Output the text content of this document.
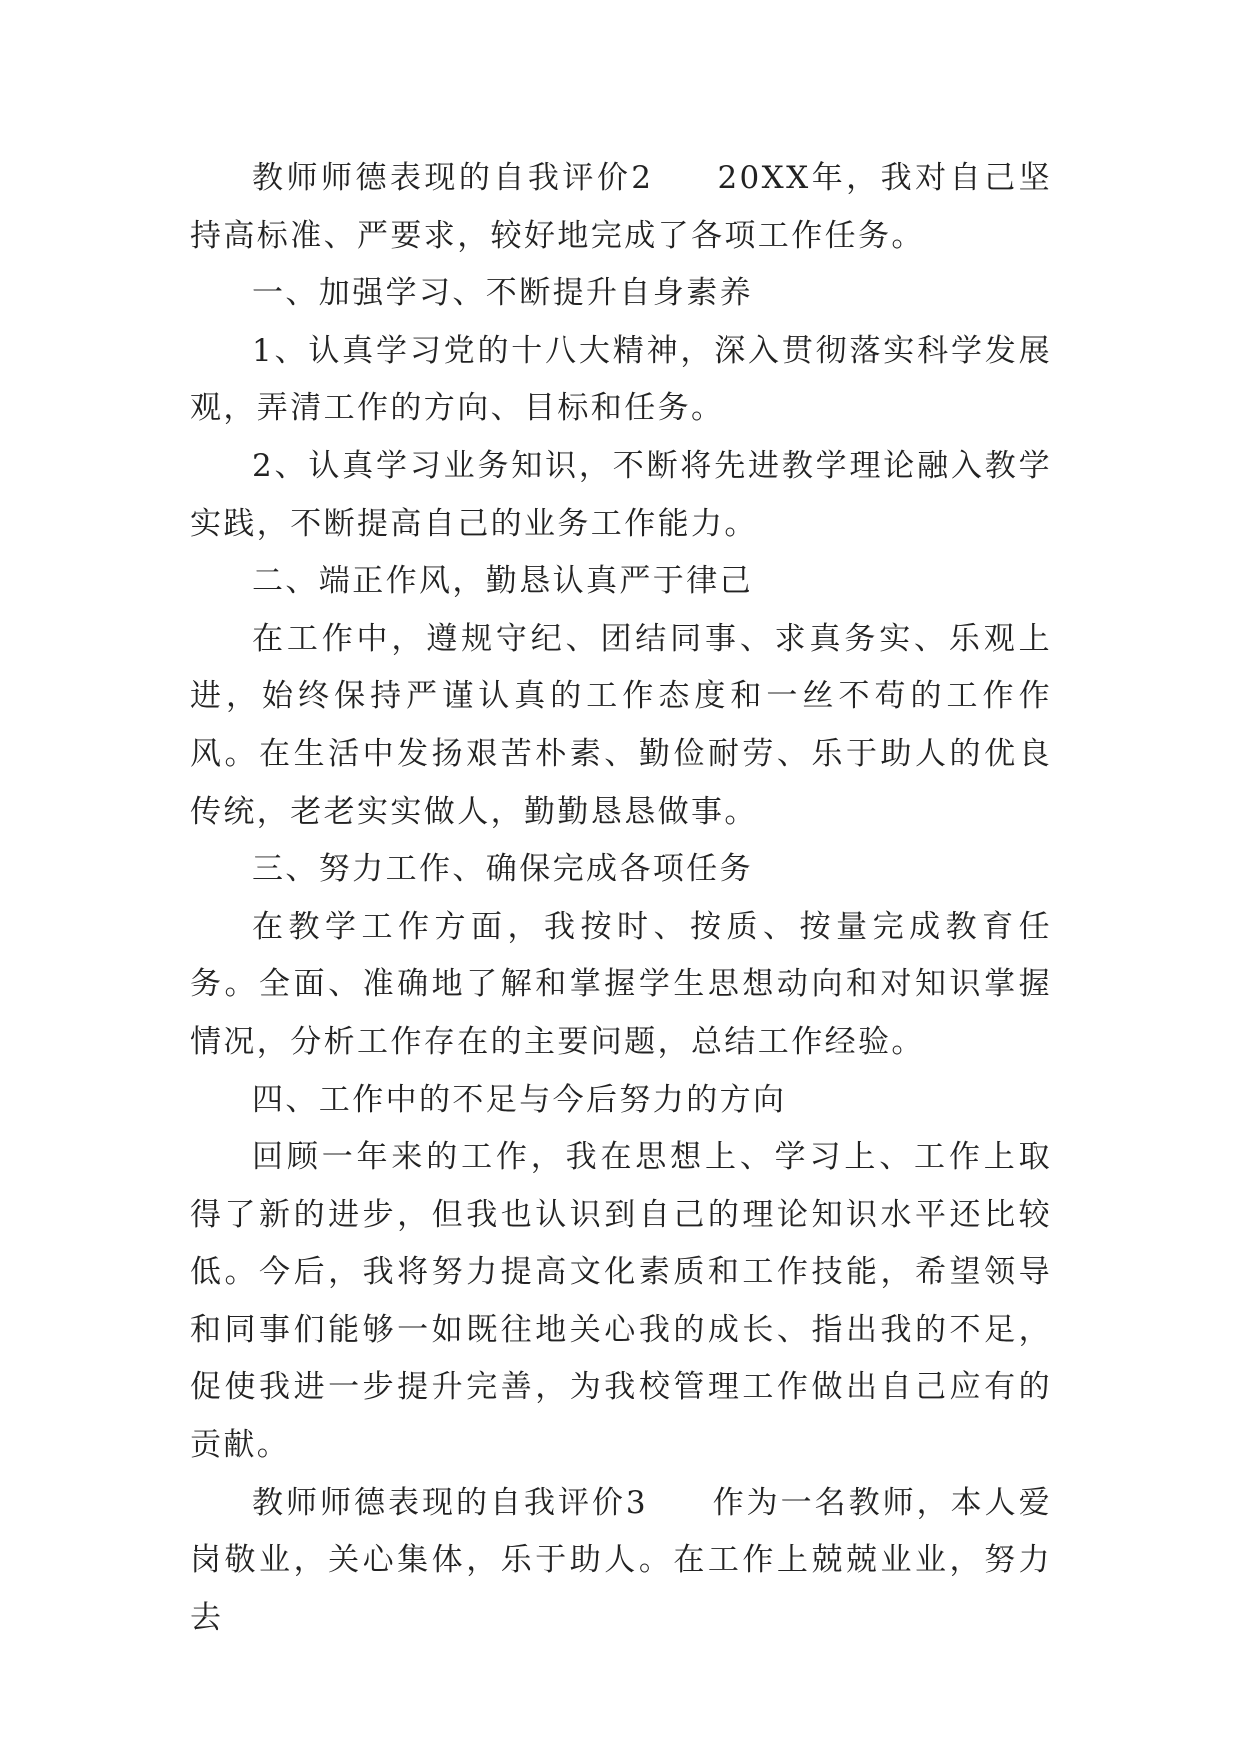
教师师德表现的自我评价2 20XX年，我对自己坚持高标准、严要求，较好地完成了各项工作任务。

一、加强学习、不断提升自身素养

1、认真学习党的十八大精神，深入贯彻落实科学发展观，弄清工作的方向、目标和任务。

2、认真学习业务知识，不断将先进教学理论融入教学实践，不断提高自己的业务工作能力。

二、端正作风，勤恳认真严于律己

在工作中，遵规守纪、团结同事、求真务实、乐观上进，始终保持严谨认真的工作态度和一丝不苟的工作作风。在生活中发扬艰苦朴素、勤俭耐劳、乐于助人的优良传统，老老实实做人，勤勤恳恳做事。

三、努力工作、确保完成各项任务

在教学工作方面，我按时、按质、按量完成教育任务。全面、准确地了解和掌握学生思想动向和对知识掌握情况，分析工作存在的主要问题，总结工作经验。

四、工作中的不足与今后努力的方向

回顾一年来的工作，我在思想上、学习上、工作上取得了新的进步，但我也认识到自己的理论知识水平还比较低。今后，我将努力提高文化素质和工作技能，希望领导和同事们能够一如既往地关心我的成长、指出我的不足，促使我进一步提升完善，为我校管理工作做出自己应有的贡献。

教师师德表现的自我评价3 作为一名教师，本人爱岗敬业，关心集体，乐于助人。在工作上兢兢业业，努力去
